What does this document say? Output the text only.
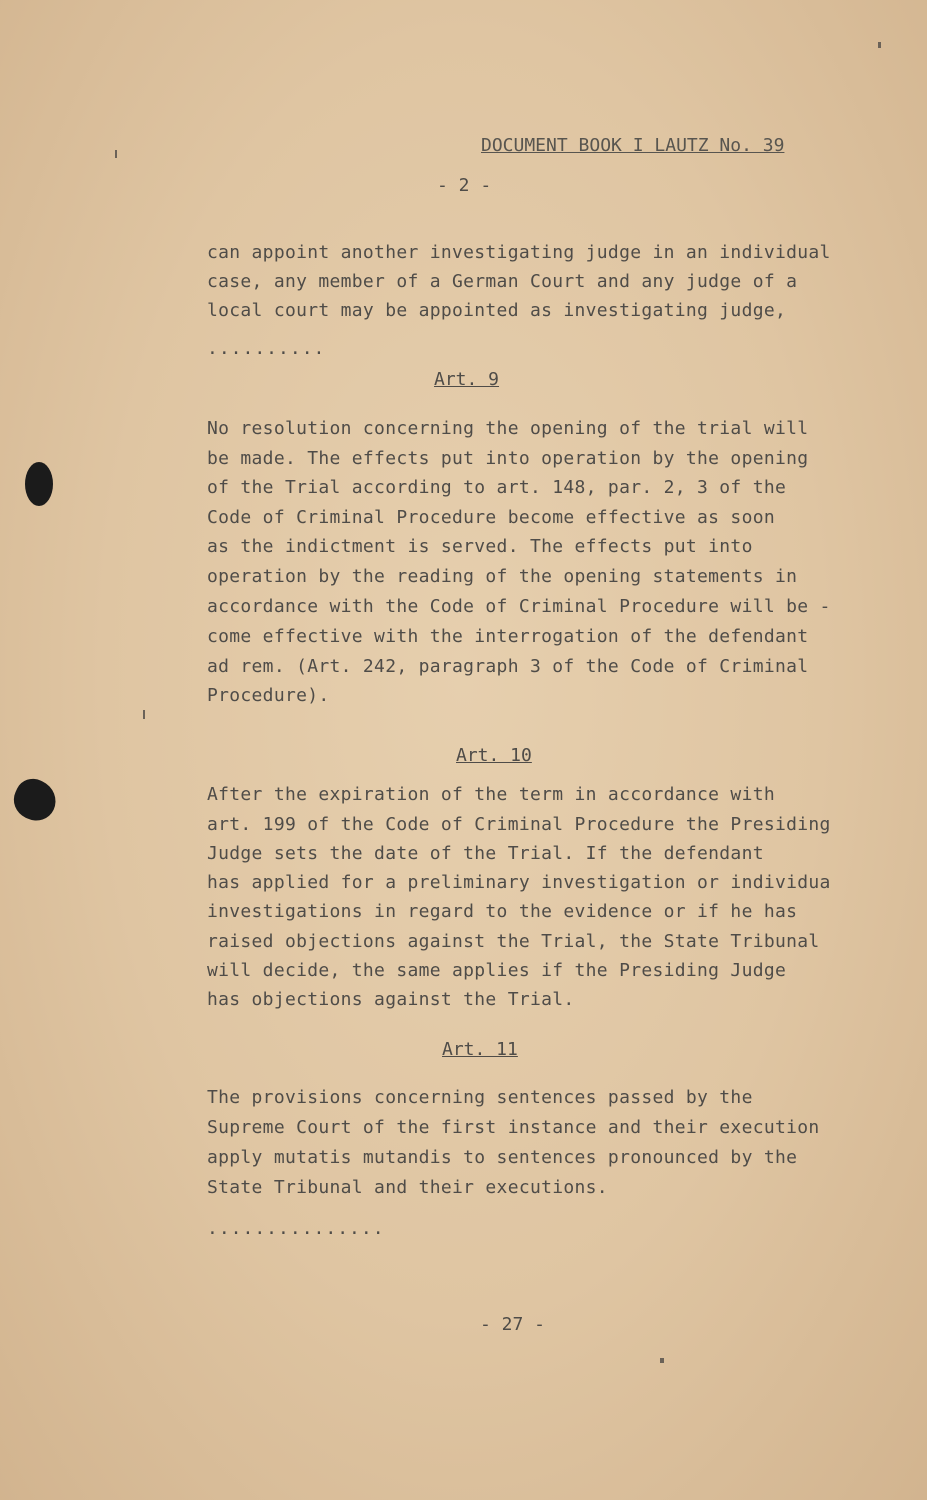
DOCUMENT BOOK I LAUTZ No. 39
- 2 -
can appoint another investigating judge in an individual
case, any member of a German Court and any judge of a
local court may be appointed as investigating judge,
..........
Art. 9
No resolution concerning the opening of the trial will
be made. The effects put into operation by the opening
of the Trial according to art. 148, par. 2, 3 of the
Code of Criminal Procedure become effective as soon
as the indictment is served. The effects put into
operation by the reading of the opening statements in
accordance with the Code of Criminal Procedure will be -
come effective with the interrogation of the defendant
ad rem. (Art. 242, paragraph 3 of the Code of Criminal
Procedure).
Art. 10
After the expiration of the term in accordance with
art. 199 of the Code of Criminal Procedure the Presiding
Judge sets the date of the Trial. If the defendant
has applied for a preliminary investigation or individua
investigations in regard to the evidence or if he has
raised objections against the Trial, the State Tribunal
will decide, the same applies if the Presiding Judge
has objections against the Trial.
Art. 11
The provisions concerning sentences passed by the
Supreme Court of the first instance and their execution
apply mutatis mutandis to sentences pronounced by the
State Tribunal and their executions.
...............
- 27 -
